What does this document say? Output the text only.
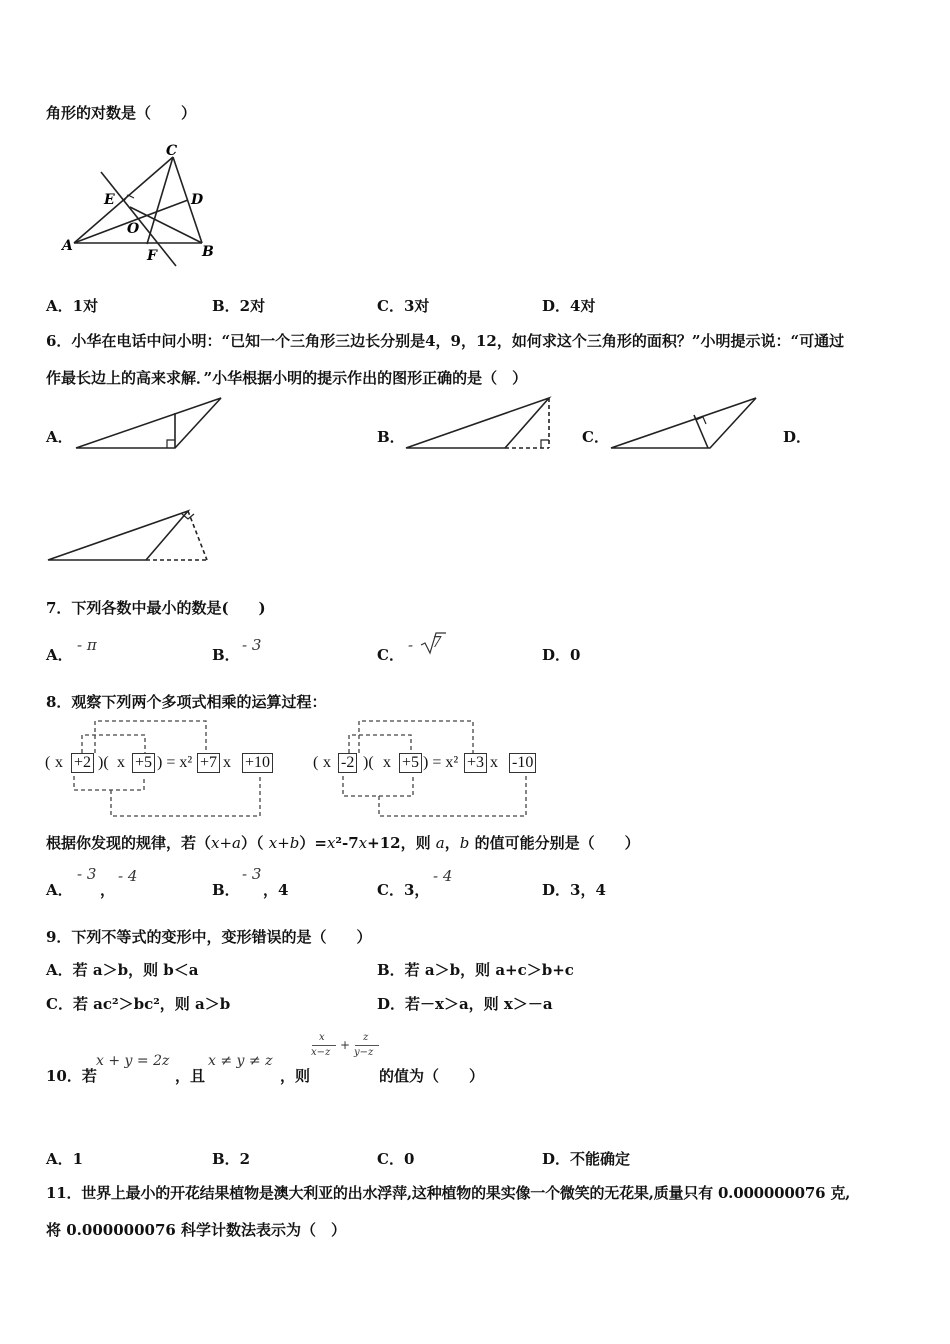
角形的对数是（　　）
C
E	D
O
A
F	B
A．1对	B．2对	C．3对	D．4对
6．小华在电话中问小明：“已知一个三角形三边长分别是4，9，12，如何求这个三角形的面积？”小明提示说：“可通过
作最长边上的高来求解．”小华根据小明的提示作出的图形正确的是（　）
A．	B．	C．	D．
7．下列各数中最小的数是(　　)
A．
- π
B．
- 3
C．
- 7
D．0
8．观察下列两个多项式相乘的运算过程：
( x +2 )( x +5 ) = x² +7 x +10	( x -2 )( x +5 ) = x² +3 x -10
根据你发现的规律，若（x+a）（ x+b）=x²-7x+12，则 a，b 的值可能分别是（　　）
A．
- 3
，
- 4
B．
- 3
，4	C．3，
- 4
D．3，4
9．下列不等式的变形中，变形错误的是（　　）
A．若 a＞b，则 b＜a	B．若 a＞b，则 a+c＞b+c
C．若 ac²＞bc²，则 a＞b	D．若－x＞a，则 x＞－a
10．若
x + y = 2z
，且
x ≠ y ≠ z
，则
x
x−z
+
z
y−z
的值为（　　）
A．1	B．2	C．0	D．不能确定
11．世界上最小的开花结果植物是澳大利亚的出水浮萍,这种植物的果实像一个微笑的无花果,质量只有 0.000000076 克,
将 0.000000076 科学计数法表示为（　）
